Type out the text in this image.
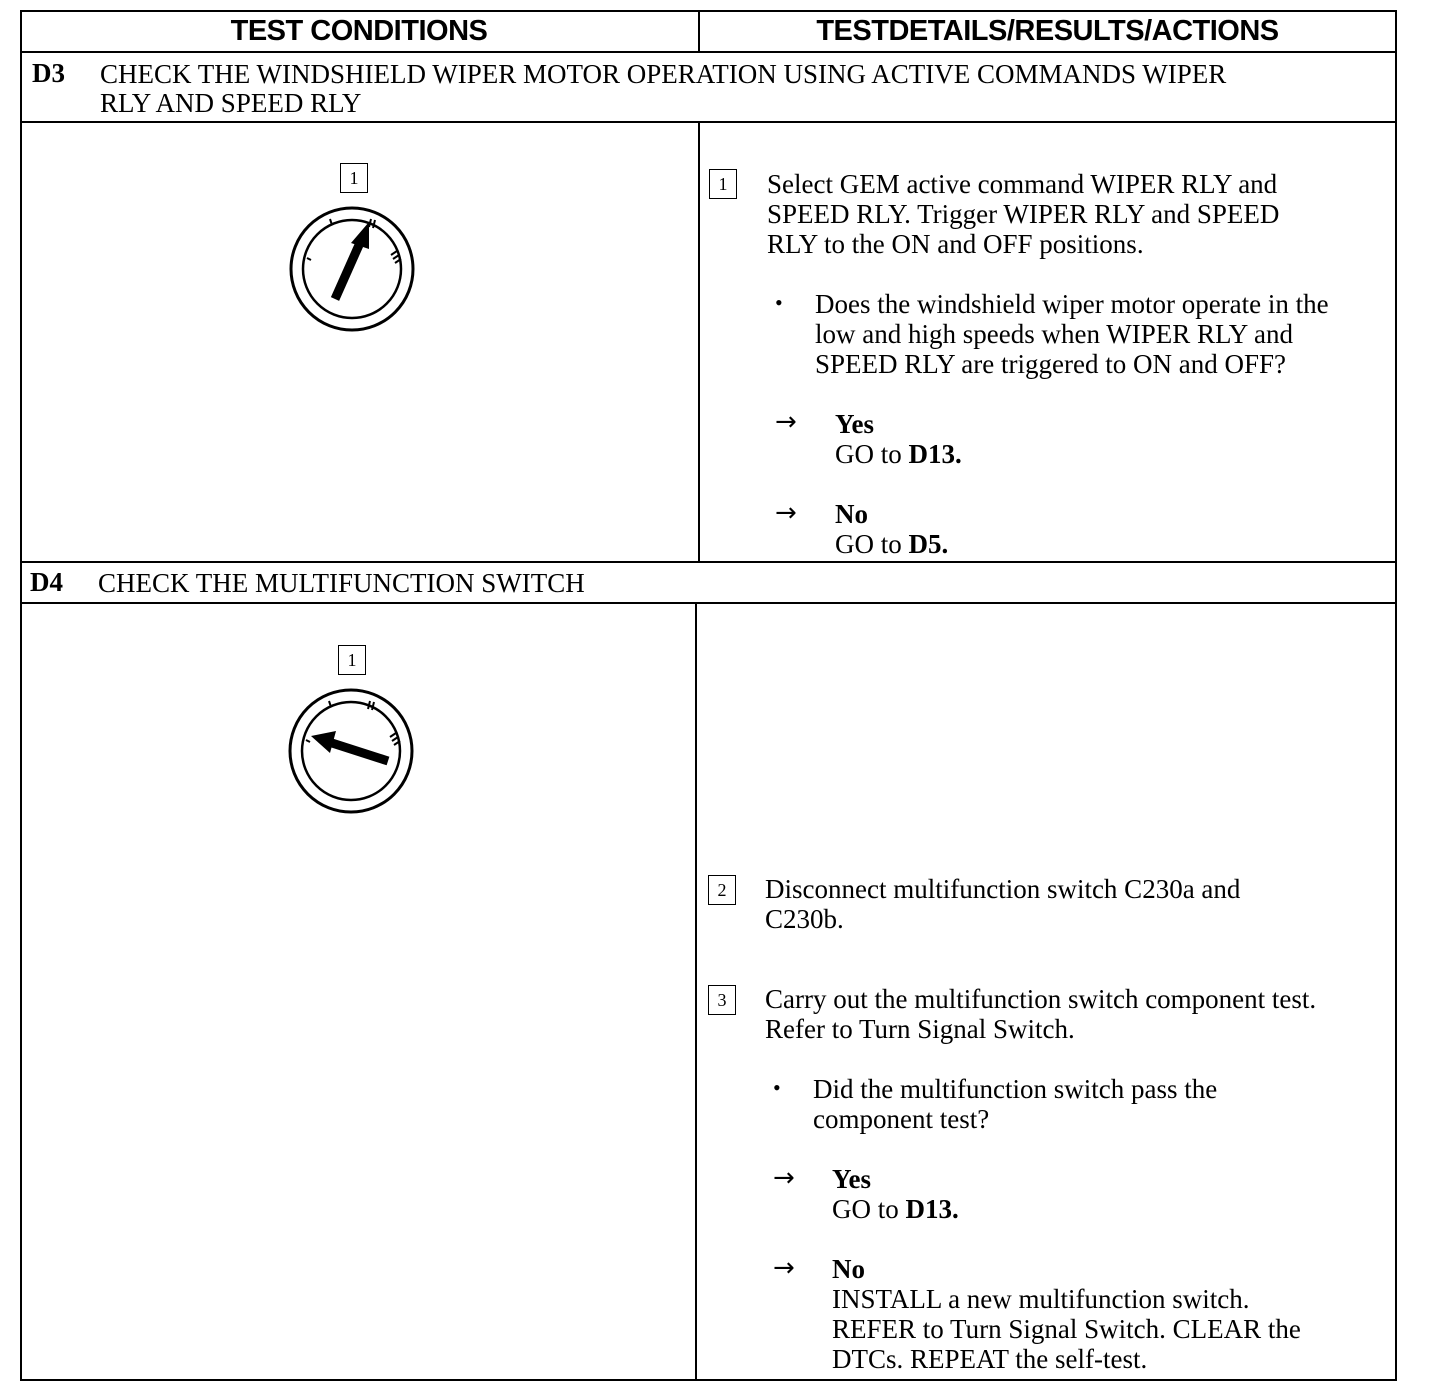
TEST CONDITIONS	TESTDETAILS/RESULTS/ACTIONS
D3 CHECK THE WINDSHIELD WIPER MOTOR OPERATION USING ACTIVE COMMANDS WIPER
RLY AND SPEED RLY
1	1	Select GEM active command WIPER RLY and
SPEED RLY. Trigger WIPER RLY and SPEED
RLY to the ON and OFF positions.
• Does the windshield wiper motor operate in the
low and high speeds when WIPER RLY and
SPEED RLY are triggered to ON and OFF?
→ Yes
GO to D13.
→ No
GO to D5.
D4 CHECK THE MULTIFUNCTION SWITCH
1
2	Disconnect multifunction switch C230a and
C230b.
3	Carry out the multifunction switch component test.
Refer to Turn Signal Switch.
• Did the multifunction switch pass the
component test?
→ Yes
GO to D13.
→ No
INSTALL a new multifunction switch.
REFER to Turn Signal Switch. CLEAR the
DTCs. REPEAT the self-test.
